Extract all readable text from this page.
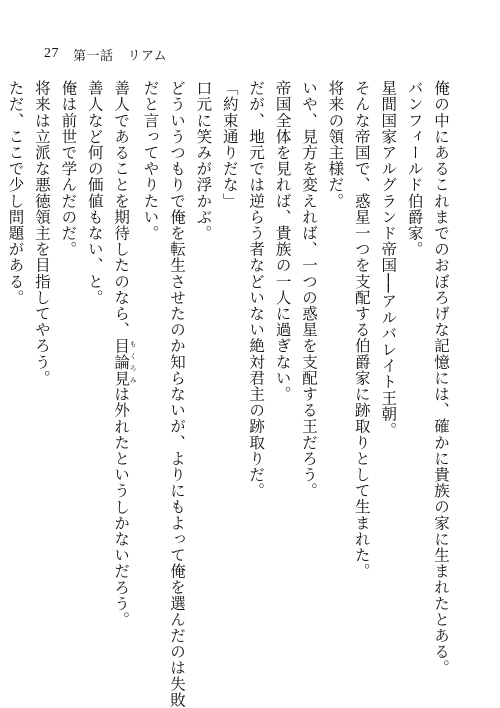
27 第一話 リアム

俺の中にあるこれまでのおぼろげな記憶には、確かに貴族の家に生まれたとある。

バンフィールド伯爵家。

星間国家アルグランド帝国──アルバレイト王朝。

そんな帝国で、惑星一つを支配する伯爵家に跡取りとして生まれた。

将来の領主様だ。

いや、見方を変えれば、一つの惑星を支配する王だろう。

帝国全体を見れば、貴族の一人に過ぎない。

だが、地元では逆らう者などいない絶対君主の跡取りだ。

「約束通りだな」

口元に笑みが浮かぶ。

どういうつもりで俺を転生させたのか知らないが、よりにもよって俺を選んだのは失敗

だと言ってやりたい。

善人であることを期待したのなら、目論見 もくろみは外れたというしかないだろう。

善人など何の価値もない、と。

俺は前世で学んだのだ。

将来は立派な悪徳領主を目指してやろう。

ただ、ここで少し問題がある。
